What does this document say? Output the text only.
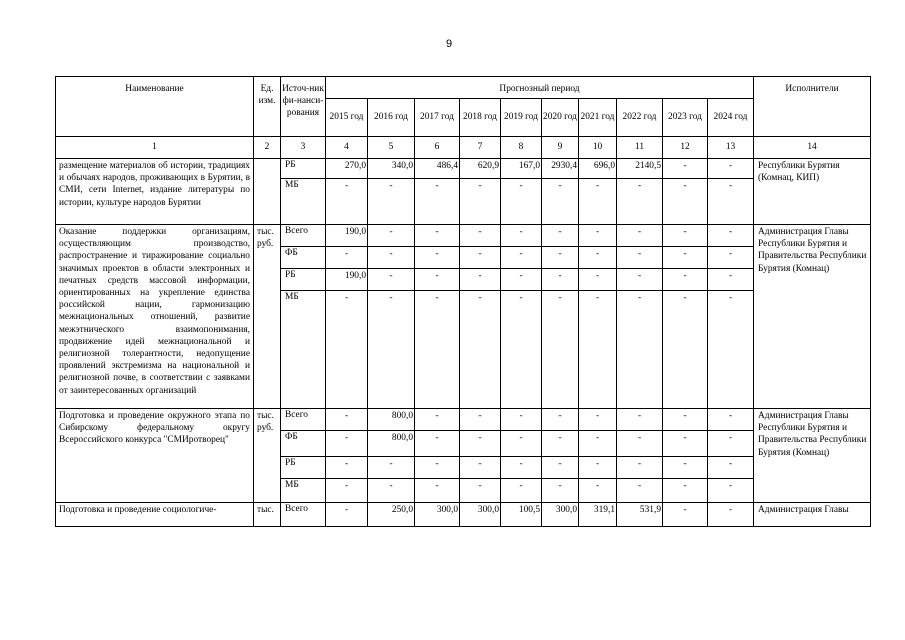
9
Наименование	Ед. изм.	Источ-ник фи-нанси-рования	Прогнозный период										Исполнители
			2015 год	2016 год	2017 год	2018 год	2019 год	2020 год	2021 год	2022 год	2023 год	2024 год	
1	2	3	4	5	6	7	8	9	10	11	12	13	14
размещение материалов об истории, традициях и обычаях народов, проживающих в Бурятии, в СМИ, сети Internet, издание литературы по истории, культуре народов Бурятии		РБ	270,0	340,0	486,4	620,9	167,0	2930,4	696,0	2140,5	-	-	Республики Бурятия (Комнац, КИП)
		МБ	-	-	-	-	-	-	-	-	-	-	
Оказание поддержки организациям, осуществляющим производство, распространение и тиражирование социально значимых проектов в области электронных и печатных средств массовой информации, ориентированных на укрепление единства российской нации, гармонизацию межнациональных отношений, развитие межэтнического взаимопонимания, продвижение идей межнациональной и религиозной толерантности, недопущение проявлений экстремизма на национальной и религиозной почве, в соответствии с заявками от заинтересованных организаций	тыс. руб.	Всего	190,0	-	-	-	-	-	-	-	-	-	Администрация Главы Республики Бурятия и Правительства Республики Бурятия (Комнац)
		ФБ	-	-	-	-	-	-	-	-	-	-	
		РБ	190,0	-	-	-	-	-	-	-	-	-	
		МБ	-	-	-	-	-	-	-	-	-	-	
Подготовка и проведение окружного этапа по Сибирскому федеральному округу Всероссийского конкурса "СМИротворец"	тыс. руб.	Всего	-	800,0	-	-	-	-	-	-	-	-	Администрация Главы Республики Бурятия и Правительства Республики Бурятия (Комнац)
		ФБ	-	800,0	-	-	-	-	-	-	-	-	
		РБ	-	-	-	-	-	-	-	-	-	-	
		МБ	-	-	-	-	-	-	-	-	-	-	
Подготовка и проведение социологиче-	тыс.	Всего	-	250,0	300,0	300,0	100,5	300,0	319,1	531,9	-	-	Администрация Главы
